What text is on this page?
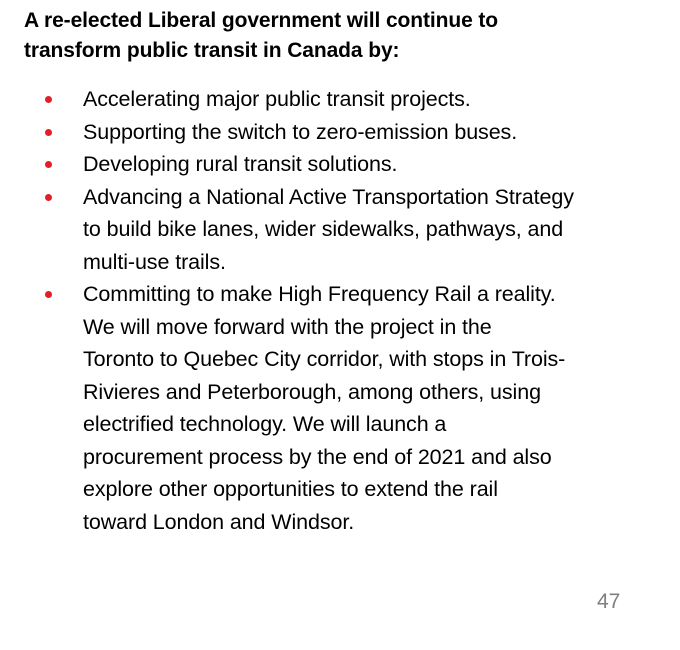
A re-elected Liberal government will continue to
transform public transit in Canada by:
Accelerating major public transit projects.
Supporting the switch to zero-emission buses.
Developing rural transit solutions.
Advancing a National Active Transportation Strategy
to build bike lanes, wider sidewalks, pathways, and
multi-use trails.
Committing to make High Frequency Rail a reality.
We will move forward with the project in the
Toronto to Quebec City corridor, with stops in Trois-
Rivieres and Peterborough, among others, using
electrified technology. We will launch a
procurement process by the end of 2021 and also
explore other opportunities to extend the rail
toward London and Windsor.
47
